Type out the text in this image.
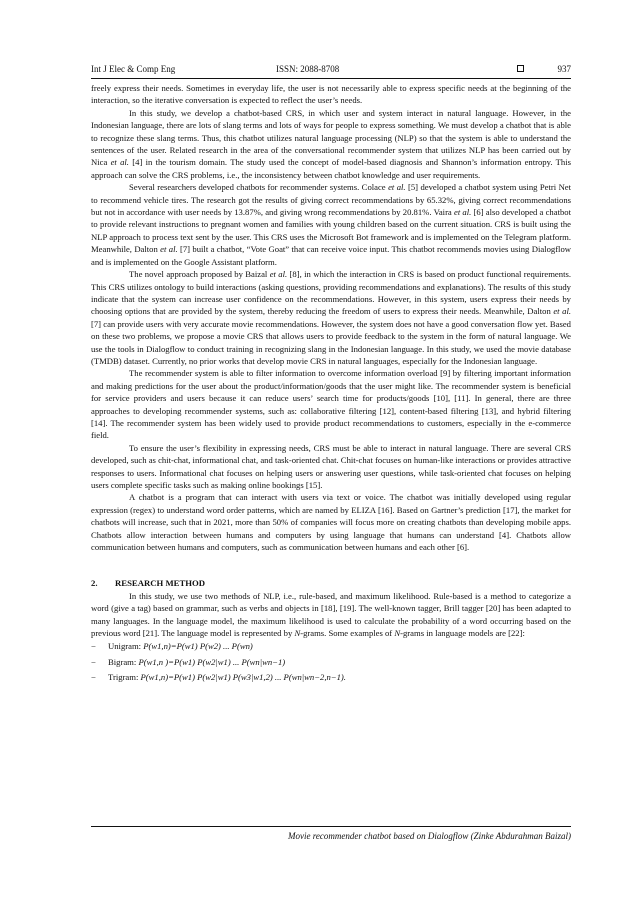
Int J Elec & Comp Eng	ISSN: 2088-8708	937

freely express their needs. Sometimes in everyday life, the user is not necessarily able to express specific needs at the beginning of the interaction, so the iterative conversation is expected to reflect the user’s needs.

In this study, we develop a chatbot-based CRS, in which user and system interact in natural language. However, in the Indonesian language, there are lots of slang terms and lots of ways for people to express something. We must develop a chatbot that is able to recognize these slang terms. Thus, this chatbot utilizes natural language processing (NLP) so that the system is able to understand the sentences of the user. Related research in the area of the conversational recommender system that utilizes NLP has been carried out by Nica et al. [4] in the tourism domain. The study used the concept of model-based diagnosis and Shannon’s information entropy. This approach can solve the CRS problems, i.e., the inconsistency between chatbot knowledge and user requirements.

Several researchers developed chatbots for recommender systems. Colace et al. [5] developed a chatbot system using Petri Net to recommend vehicle tires. The research got the results of giving correct recommendations by 65.32%, giving correct recommendations but not in accordance with user needs by 13.87%, and giving wrong recommendations by 20.81%. Vaira et al. [6] also developed a chatbot to provide relevant instructions to pregnant women and families with young children based on the current situation. CRS is built using the NLP approach to process text sent by the user. This CRS uses the Microsoft Bot framework and is implemented on the Telegram platform. Meanwhile, Dalton et al. [7] built a chatbot, “Vote Goat” that can receive voice input. This chatbot recommends movies using Dialogflow and is implemented on the Google Assistant platform.

The novel approach proposed by Baizal et al. [8], in which the interaction in CRS is based on product functional requirements. This CRS utilizes ontology to build interactions (asking questions, providing recommendations and explanations). The results of this study indicate that the system can increase user confidence on the recommendations. However, in this system, users express their needs by choosing options that are provided by the system, thereby reducing the freedom of users to express their needs. Meanwhile, Dalton et al. [7] can provide users with very accurate movie recommendations. However, the system does not have a good conversation flow yet. Based on these two problems, we propose a movie CRS that allows users to provide feedback to the system in the form of natural language. We use the tools in Dialogflow to conduct training in recognizing slang in the Indonesian language. In this study, we used the movie database (TMDB) dataset. Currently, no prior works that develop movie CRS in natural languages, especially for the Indonesian language.

The recommender system is able to filter information to overcome information overload [9] by filtering important information and making predictions for the user about the product/information/goods that the user might like. The recommender system is beneficial for service providers and users because it can reduce users’ search time for products/goods [10], [11]. In general, there are three approaches to developing recommender systems, such as: collaborative filtering [12], content-based filtering [13], and hybrid filtering [14]. The recommender system has been widely used to provide product recommendations to customers, especially in the e-commerce field.

To ensure the user’s flexibility in expressing needs, CRS must be able to interact in natural language. There are several CRS developed, such as chit-chat, informational chat, and task-oriented chat. Chit-chat focuses on human-like interactions or provides attractive responses to users. Informational chat focuses on helping users or answering user questions, while task-oriented chat focuses on helping users complete specific tasks such as making online bookings [15].

A chatbot is a program that can interact with users via text or voice. The chatbot was initially developed using regular expression (regex) to understand word order patterns, which are named by ELIZA [16]. Based on Gartner’s prediction [17], the market for chatbots will increase, such that in 2021, more than 50% of companies will focus more on creating chatbots than developing mobile apps. Chatbots allow interaction between humans and computers by using language that humans can understand [4]. Chatbots allow communication between humans and computers, such as communication between humans and each other [6].

2. RESEARCH METHOD

In this study, we use two methods of NLP, i.e., rule-based, and maximum likelihood. Rule-based is a method to categorize a word (give a tag) based on grammar, such as verbs and objects in [18], [19]. The well-known tagger, Brill tagger [20] has been adapted to many languages. In the language model, the maximum likelihood is used to calculate the probability of a word occurring based on the previous word [21]. The language model is represented by N-grams. Some examples of N-grams in language models are [22]:

− Unigram: P(w1,n)=P(w1) P(w2) ... P(wn)
− Bigram: P(w1,n )=P(w1) P(w2|w1) ... P(wn|wn−1)
− Trigram: P(w1,n)=P(w1) P(w2|w1) P(w3|w1,2) ... P(wn|wn−2,n−1).
Movie recommender chatbot based on Dialogflow (Zinke Abdurahman Baizal)
